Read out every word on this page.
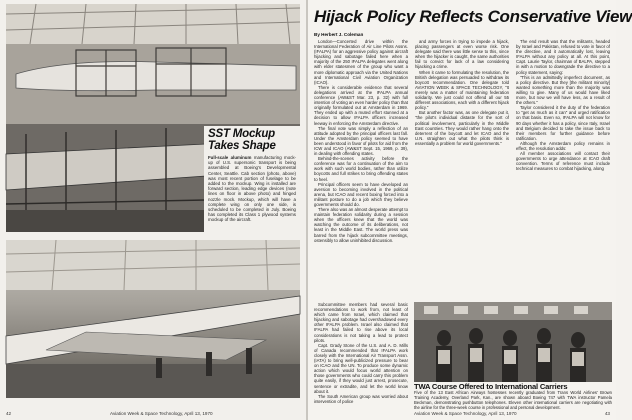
SST Mockup
Takes Shape
Full-scale aluminum manufacturing mock-up of U.S. supersonic transport is being assembled at Boeing's Developmental Center, Seattle. Cab section (photo, above) was most recent portion of fuselage to be added to the mockup. Wing is installed are forward section, leading edge devices (note lines on floor in above photo) and hinged nozzle mock. Mockup, which will have a complete wing on only one side, is scheduled to be completed in July. Boeing has completed its Class 1 plywood systems mockup of the aircraft.
42	Aviation Week & Space Technology, April 13, 1970
Hijack Policy Reflects Conservative View
By Herbert J. Coleman

London—Concerted drive within the International Federation of Air Line Pilots Assns. (IFALPA) for an aggressive policy against aircraft hijacking and sabotage failed here when a majority of the 250 IFALPA delegates went along with elder statesmen of the group who want a more diplomatic approach via the United Nations and International Civil Aviation Organization (ICAO).

There is considerable evidence that several delegations arrived at the IFALPA annual conference (AW&ST Mar. 23, p. 32) with full intention of voting an even harder policy than that originally formulated out at Amsterdam in 1969. They ended up with a muted effort stunned at a decision to allow IFALPA officers increased leeway in enforcing the Amsterdam directive.

The final vote was simply a reflection of an attitude adopted by the principal officers last fall. Under the Amsterdam policy seemed to have been understood in favor of pilots for aid from the ICW and ICAO (AW&ST Sept. 15, 1969, p. 39), in dealing with offending states.

Behind-the-scenes activity before the conference was for a continuation of the aim to work with such world bodies, rather than utilize boycotts and full strikes to bring offending states to heel.

Principal officers seem to have developed an aversion to becoming involved in the political arena, but ICAO and recent boxing forced into a militant posture to do a job which they believe governments should do.

There also was an almost desperate attempt to maintain federation solidarity during a session when the officers knew that the world was watching the outcome of its deliberations, not least in the Middle East. The world press was barred from the hijack subcommittee meetings, ostensibly to allow uninhibited discussion.

and army forces in trying to impede a hijack, placing passengers at even worse risk. One delegate said there was little sense to this, since when the hijacker is caught, the same authorities fail to convict for lack of a law considering hijacking a crime.

When it came to formulating the resolution, the British delegation was persuaded to withdraw its boycott recommendation. One delegate told AVIATION WEEK & SPACE TECHNOLOGY, "It merely was a matter of maintaining federation solidarity. We just could not offend all our 55 different associations, each with a different hijack policy."

But another factor was, as one delegate put it, "the pilot's individual distaste for the sort of political involvement, particularly in the Middle East countries. They would rather hang onto the deterrent of the boycott and let ICAO and the U.N. straighten out what the pilots think is essentially a problem for world governments."

The end result was that the militants, headed by Israel and Pakistan, refused to vote in favor of the directive, and it automatically lost, leaving IFALPA without any policy at all. At this point, Capt. Laurie Taylor, chairman of BALPA, stepped in with a motion to downgrade the directive to a policy statement, saying:

"This is an admittedly imperfect document, as a policy directive. But they [the militant minority] wanted something more than the majority was willing to give. Many of us would have liked more, but now we will have less, as a result of the others."

Taylor considered it the duty of the federation to "get as much as it can" and urged ratification on that basis. Even so, IFALPA will not know for 90 days whether it has a policy, since Italy, Israel and Belgium decided to take the issue back to their members for further guidance before ratification.

Although the Amsterdam policy remains in effect, the resolution adds:

All member associations will contact their governments to urge attendance at ICAO draft convention. Terms of reference must include technical measures to combat hijacking, along

Subcommittee members had several basic recommendations to work from, not least of which came from Israel, which claimed that hijacking and sabotage had overshadowed every other IFALPA problem. Israel also claimed that IFALPA had failed to rise above its local considerations is not taking a lead to protect pilots.

Capt. Grady Stone of the U.S. and A. D. Mills of Canada recommended that IFALPA work closely with the International Air Transport Assn. (IATA) to bring well-publicized pressure to bear on ICAO and the UN. To produce some dynamic action which would focus world attention on those governments who could carry this problem quite easily, if they would just arrest, prosecute, sentence or extradite, and let the world know about it.

The South American group was worried about intervention of police

TWA Course Offered to International Carriers
Five of the 13 East African Airways hostesses recently graduated from Trans World Airlines' Brown Training Academy, Overland Park, Kan., are shown aboard Boeing 747 with TWA instructor Pamela Beckman, demonstrating pushbutton telephones. Eleven other international carriers are negotiating with the airline for the three-week course in professional and personal development.
Aviation Week & Space Technology, April 13, 1970	43
